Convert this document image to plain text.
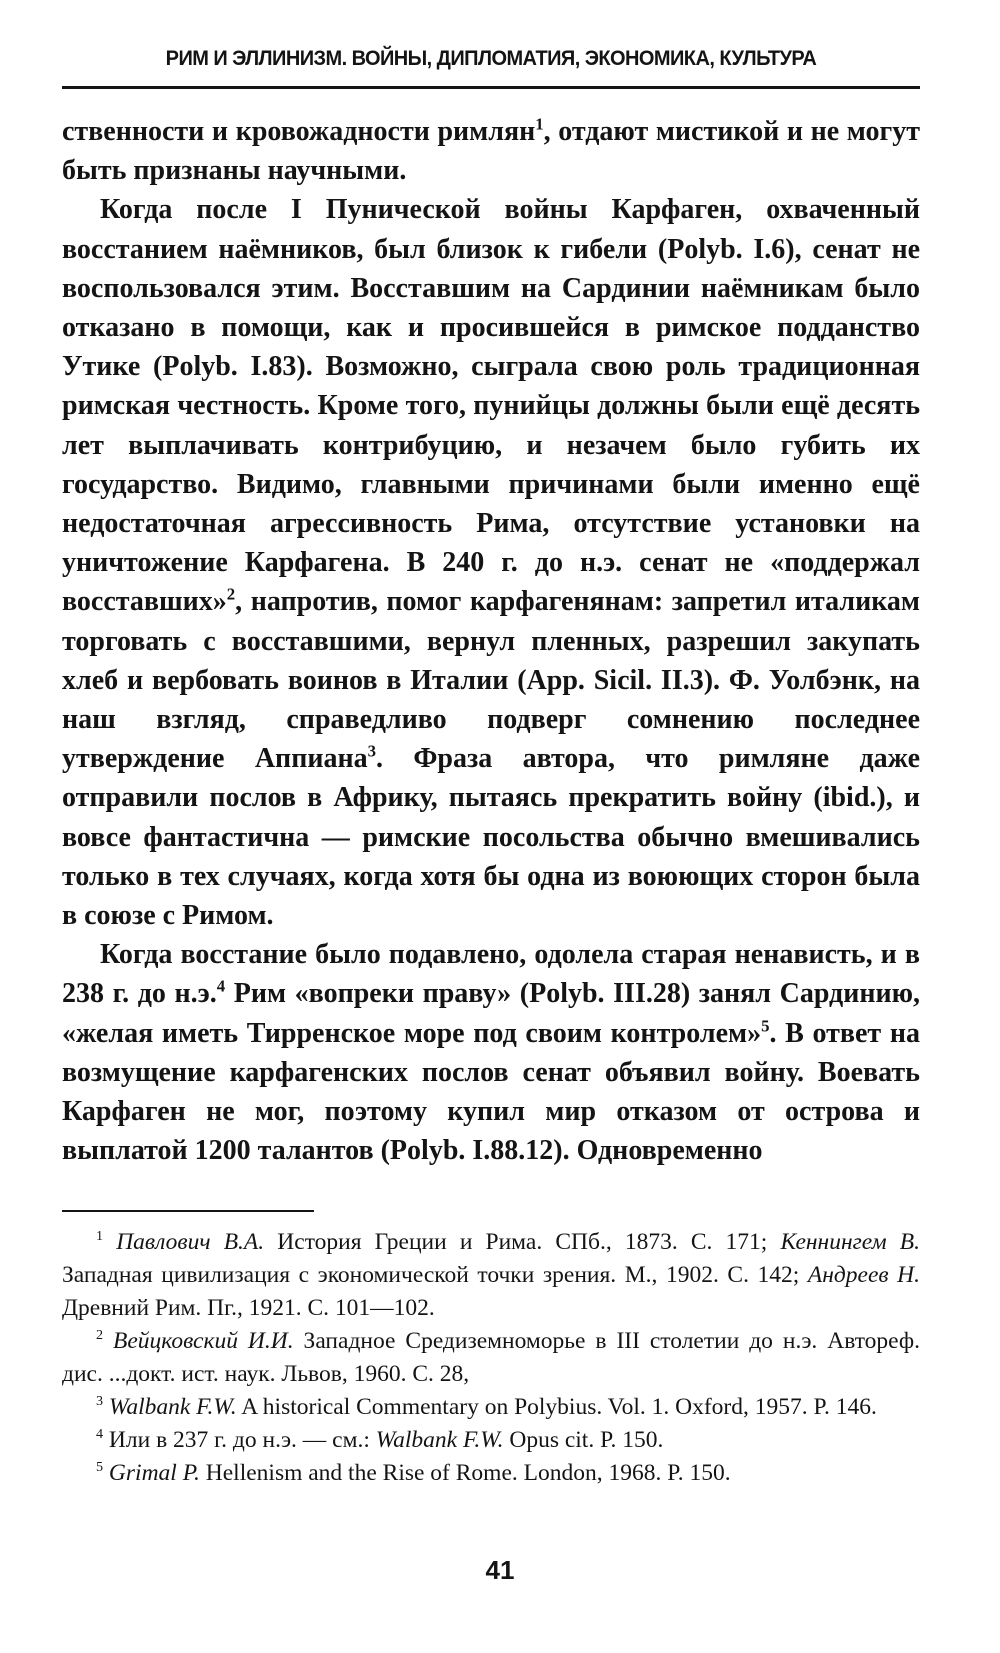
РИМ И ЭЛЛИНИЗМ. ВОЙНЫ, ДИПЛОМАТИЯ, ЭКОНОМИКА, КУЛЬТУРА

ственности и кровожадности римлян$^1$, отдают мистикой и не могут быть признаны научными.

Когда после I Пунической войны Карфаген, охваченный восстанием наёмников, был близок к гибели (Polyb. I.6), сенат не воспользовался этим. Восставшим на Сардинии наёмникам было отказано в помощи, как и просившейся в римское подданство Утике (Polyb. I.83). Возможно, сыграла свою роль традиционная римская честность. Кроме того, пунийцы должны были ещё десять лет выплачивать контрибуцию, и незачем было губить их государство. Видимо, главными причинами были именно ещё недостаточная агрессивность Рима, отсутствие установки на уничтожение Карфагена. В 240 г. до н.э. сенат не «поддержал восставших»$^2$, напротив, помог карфагенянам: запретил италикам торговать с восставшими, вернул пленных, разрешил закупать хлеб и вербовать воинов в Италии (App. Sicil. II.3). Ф. Уолбэнк, на наш взгляд, справедливо подверг сомнению последнее утверждение Аппиана$^3$. Фраза автора, что римляне даже отправили послов в Африку, пытаясь прекратить войну (ibid.), и вовсе фантастична — римские посольства обычно вмешивались только в тех случаях, когда хотя бы одна из воюющих сторон была в союзе с Римом.

Когда восстание было подавлено, одолела старая ненависть, и в 238 г. до н.э.$^4$ Рим «вопреки праву» (Polyb. III.28) занял Сардинию, «желая иметь Тирренское море под своим контролем»$^5$. В ответ на возмущение карфагенских послов сенат объявил войну. Воевать Карфаген не мог, поэтому купил мир отказом от острова и выплатой 1200 талантов (Polyb. I.88.12). Одновременно

$^1$ Павлович В.А. История Греции и Рима. СПб., 1873. С. 171; Кеннингем В. Западная цивилизация с экономической точки зрения. М., 1902. С. 142; Андреев Н. Древний Рим. Пг., 1921. С. 101—102.

$^2$ Вейцковский И.И. Западное Средиземноморье в III столетии до н.э. Автореф. дис. ...докт. ист. наук. Львов, 1960. С. 28,

$^3$ Walbank F.W. A historical Commentary on Polybius. Vol. 1. Oxford, 1957. P. 146.

$^4$ Или в 237 г. до н.э. — см.: Walbank F.W. Opus cit. P. 150.

$^5$ Grimal P. Hellenism and the Rise of Rome. London, 1968. P. 150.

41
